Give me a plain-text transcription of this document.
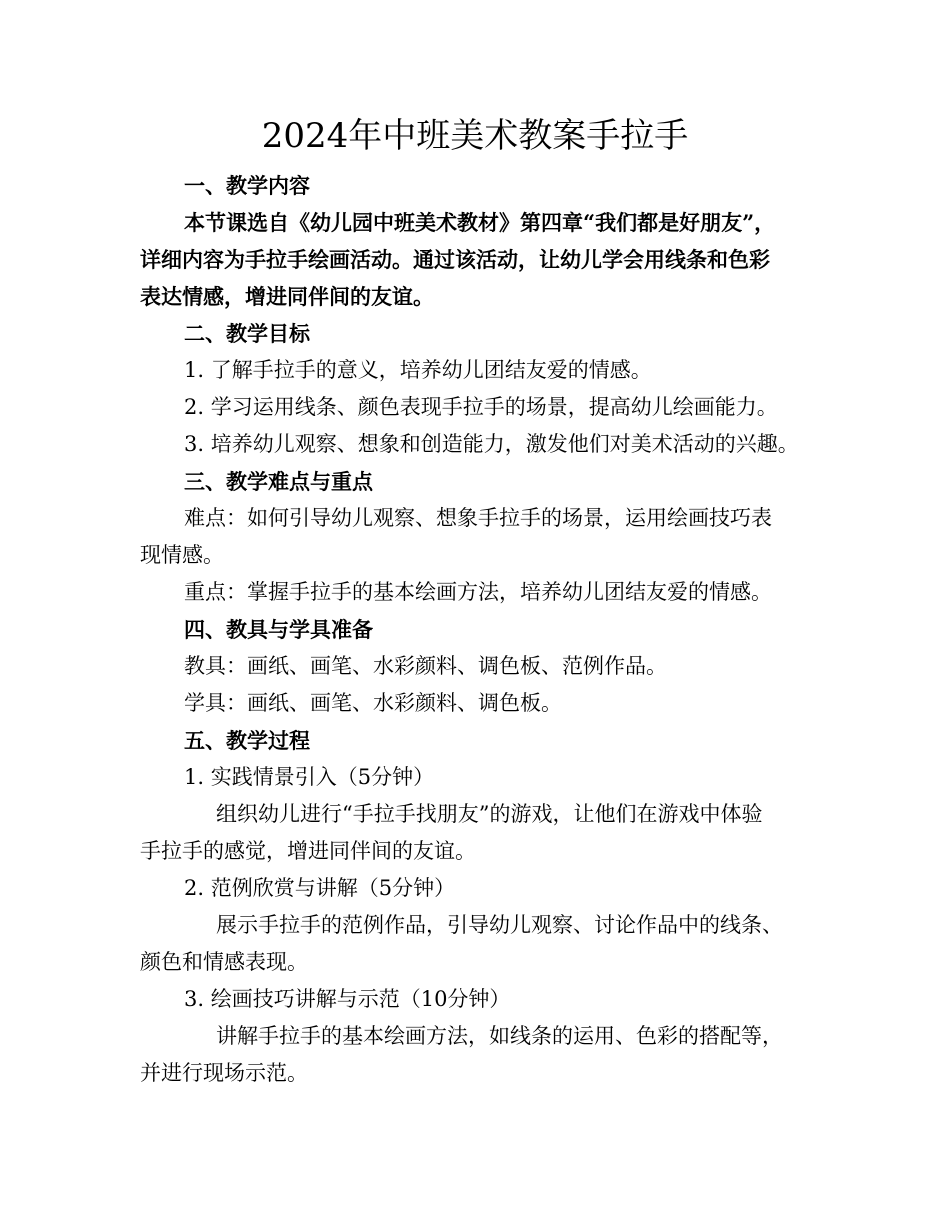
2024年中班美术教案手拉手
一、教学内容
本节课选自《幼儿园中班美术教材》第四章“我们都是好朋友”，
详细内容为手拉手绘画活动。通过该活动，让幼儿学会用线条和色彩
表达情感，增进同伴间的友谊。
二、教学目标
1. 了解手拉手的意义，培养幼儿团结友爱的情感。
2. 学习运用线条、颜色表现手拉手的场景，提高幼儿绘画能力。
3. 培养幼儿观察、想象和创造能力，激发他们对美术活动的兴趣。
三、教学难点与重点
难点：如何引导幼儿观察、想象手拉手的场景，运用绘画技巧表
现情感。
重点：掌握手拉手的基本绘画方法，培养幼儿团结友爱的情感。
四、教具与学具准备
教具：画纸、画笔、水彩颜料、调色板、范例作品。
学具：画纸、画笔、水彩颜料、调色板。
五、教学过程
1. 实践情景引入（5分钟）
组织幼儿进行“手拉手找朋友”的游戏，让他们在游戏中体验
手拉手的感觉，增进同伴间的友谊。
2. 范例欣赏与讲解（5分钟）
展示手拉手的范例作品，引导幼儿观察、讨论作品中的线条、
颜色和情感表现。
3. 绘画技巧讲解与示范（10分钟）
讲解手拉手的基本绘画方法，如线条的运用、色彩的搭配等，
并进行现场示范。
